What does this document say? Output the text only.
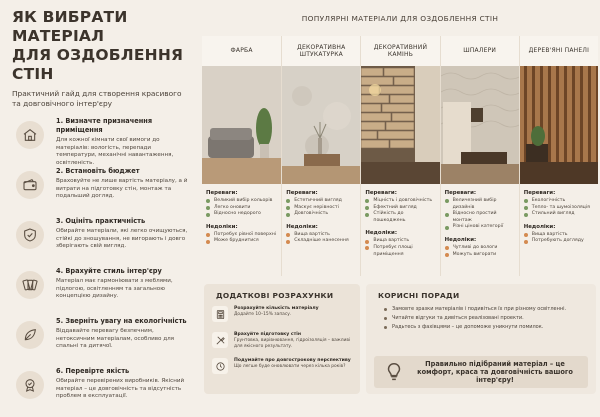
ЯК ВИБРАТИ МАТЕРІАЛ
ДЛЯ ОЗДОБЛЕННЯ СТІН
Практичний гайд для створення красивого та довговічного інтер'єру
1. Визначте призначення приміщення
Для кожної кімнати свої вимоги до матеріалів: вологість, перепади температури, механічні навантаження, освітленість.
2. Встановіть бюджет
Враховуйте не лише вартість матеріалу, а й витрати на підготовку стін, монтаж та подальший догляд.
3. Оцініть практичність
Обирайте матеріали, які легко очищуються, стійкі до зношування, не вигорають і довго зберігають свій вигляд.
4. Врахуйте стиль інтер'єру
Матеріал має гармоніювати з меблями, підлогою, освітленням та загальною концепцією дизайну.
5. Зверніть увагу на екологічність
Віддавайте перевагу безпечним, нетоксичним матеріалам, особливо для спальні та дитячої.
6. Перевірте якість
Обирайте перевірених виробників. Якісний матеріал – це довговічність та відсутність проблем в експлуатації.
ПОПУЛЯРНІ МАТЕРІАЛИ ДЛЯ ОЗДОБЛЕННЯ СТІН
ФАРБА
Переваги:
Великий вибір кольорів
Легко оновити
Відносно недорого
Недоліки:
Потребує рівної поверхні
Може бруднитися
ДЕКОРАТИВНА ШТУКАТУРКА
Переваги:
Естетичний вигляд
Маскує нерівності
Довговічність
Недоліки:
Вища вартість
Складніше нанесення
ДЕКОРАТИВНИЙ КАМІНЬ
Переваги:
Міцність і довговічність
Ефектний вигляд
Стійкість до пошкоджень
Недоліки:
Вища вартість
Потребує площі приміщення
ШПАЛЕРИ
Переваги:
Величезний вибір дизайнів
Відносно простий монтаж
Різні цінові категорії
Недоліки:
Чутливі до вологи
Можуть вигорати
ДЕРЕВ'ЯНІ ПАНЕЛІ
Переваги:
Екологічність
Тепло- та шумоізоляція
Стильний вигляд
Недоліки:
Вища вартість
Потребують догляду
ДОДАТКОВІ РОЗРАХУНКИ
Розрахуйте кількість матеріалу
Додайте 10–15% запасу.
Врахуйте підготовку стін
Грунтовка, вирівнювання, гідроізоляція – важливі для якісного результату.
Подумайте про довгострокову перспективу
Що легше буде оновлювати через кілька років?
КОРИСНІ ПОРАДИ
Замовте зразки матеріалів і подивіться їх при різному освітленні.
Читайте відгуки та дивіться реалізовані проекти.
Радьтесь з фахівцями – це допоможе уникнути помилок.
Правильно підібраний матеріал – це комфорт, краса та довговічність вашого інтер'єру!
